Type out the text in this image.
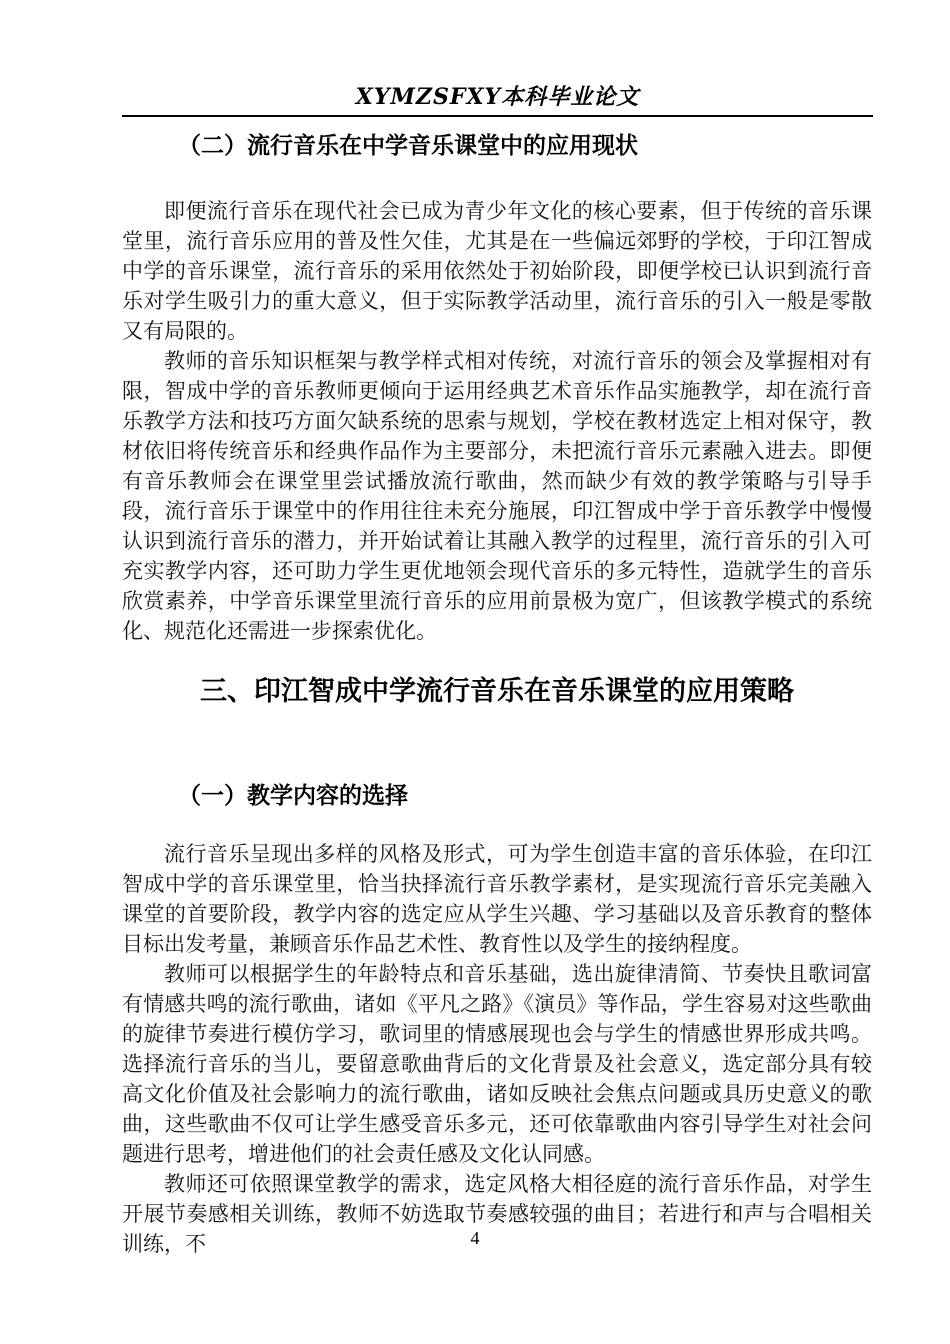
XYMZSFXY本科毕业论文
（二）流行音乐在中学音乐课堂中的应用现状

即便流行音乐在现代社会已成为青少年文化的核心要素，但于传统的音乐课堂里，流行音乐应用的普及性欠佳，尤其是在一些偏远郊野的学校，于印江智成中学的音乐课堂，流行音乐的采用依然处于初始阶段，即便学校已认识到流行音乐对学生吸引力的重大意义，但于实际教学活动里，流行音乐的引入一般是零散又有局限的。

教师的音乐知识框架与教学样式相对传统，对流行音乐的领会及掌握相对有限，智成中学的音乐教师更倾向于运用经典艺术音乐作品实施教学，却在流行音乐教学方法和技巧方面欠缺系统的思索与规划，学校在教材选定上相对保守，教材依旧将传统音乐和经典作品作为主要部分，未把流行音乐元素融入进去。即便有音乐教师会在课堂里尝试播放流行歌曲，然而缺少有效的教学策略与引导手段，流行音乐于课堂中的作用往往未充分施展，印江智成中学于音乐教学中慢慢认识到流行音乐的潜力，并开始试着让其融入教学的过程里，流行音乐的引入可充实教学内容，还可助力学生更优地领会现代音乐的多元特性，造就学生的音乐欣赏素养，中学音乐课堂里流行音乐的应用前景极为宽广，但该教学模式的系统化、规范化还需进一步探索优化。

三、印江智成中学流行音乐在音乐课堂的应用策略
（一）教学内容的选择

流行音乐呈现出多样的风格及形式，可为学生创造丰富的音乐体验，在印江智成中学的音乐课堂里，恰当抉择流行音乐教学素材，是实现流行音乐完美融入课堂的首要阶段，教学内容的选定应从学生兴趣、学习基础以及音乐教育的整体目标出发考量，兼顾音乐作品艺术性、教育性以及学生的接纳程度。

教师可以根据学生的年龄特点和音乐基础，选出旋律清简、节奏快且歌词富有情感共鸣的流行歌曲，诸如《平凡之路》《演员》等作品，学生容易对这些歌曲的旋律节奏进行模仿学习，歌词里的情感展现也会与学生的情感世界形成共鸣。选择流行音乐的当儿，要留意歌曲背后的文化背景及社会意义，选定部分具有较高文化价值及社会影响力的流行歌曲，诸如反映社会焦点问题或具历史意义的歌曲，这些歌曲不仅可让学生感受音乐多元，还可依靠歌曲内容引导学生对社会问题进行思考，增进他们的社会责任感及文化认同感。

教师还可依照课堂教学的需求，选定风格大相径庭的流行音乐作品，对学生开展节奏感相关训练，教师不妨选取节奏感较强的曲目；若进行和声与合唱相关训练，不	4
